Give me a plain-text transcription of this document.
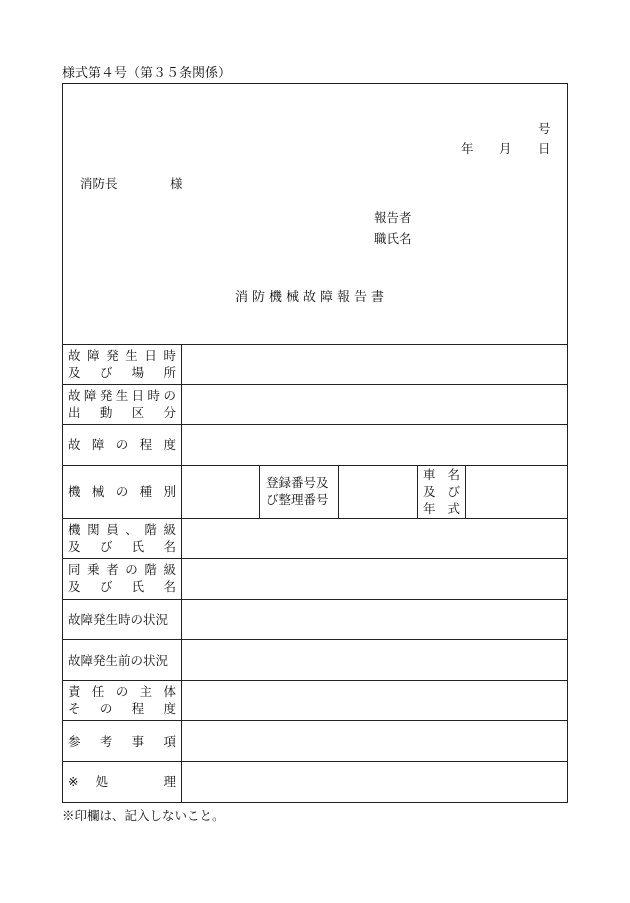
様式第４号（第３５条関係）
号
年 月 日
消防長	様
報告者
職氏名
消防機械故障報告書
故 障 発 生 日 時
及 び 場 所
故 障 発 生 日 時 の
出 動 区 分
故 障 の 程 度
機 械 の 種 別
登録番号及
び整理番号
車 名
及 び
年 式
機 関 員 、 階 級
及 び 氏 名
同 乗 者 の 階 級
及 び 氏 名
故障発生時の状況
故障発生前の状況
責 任 の 主 体
そ の 程 度
参 考 事 項
※ 処	理
※印欄は、記入しないこと。
